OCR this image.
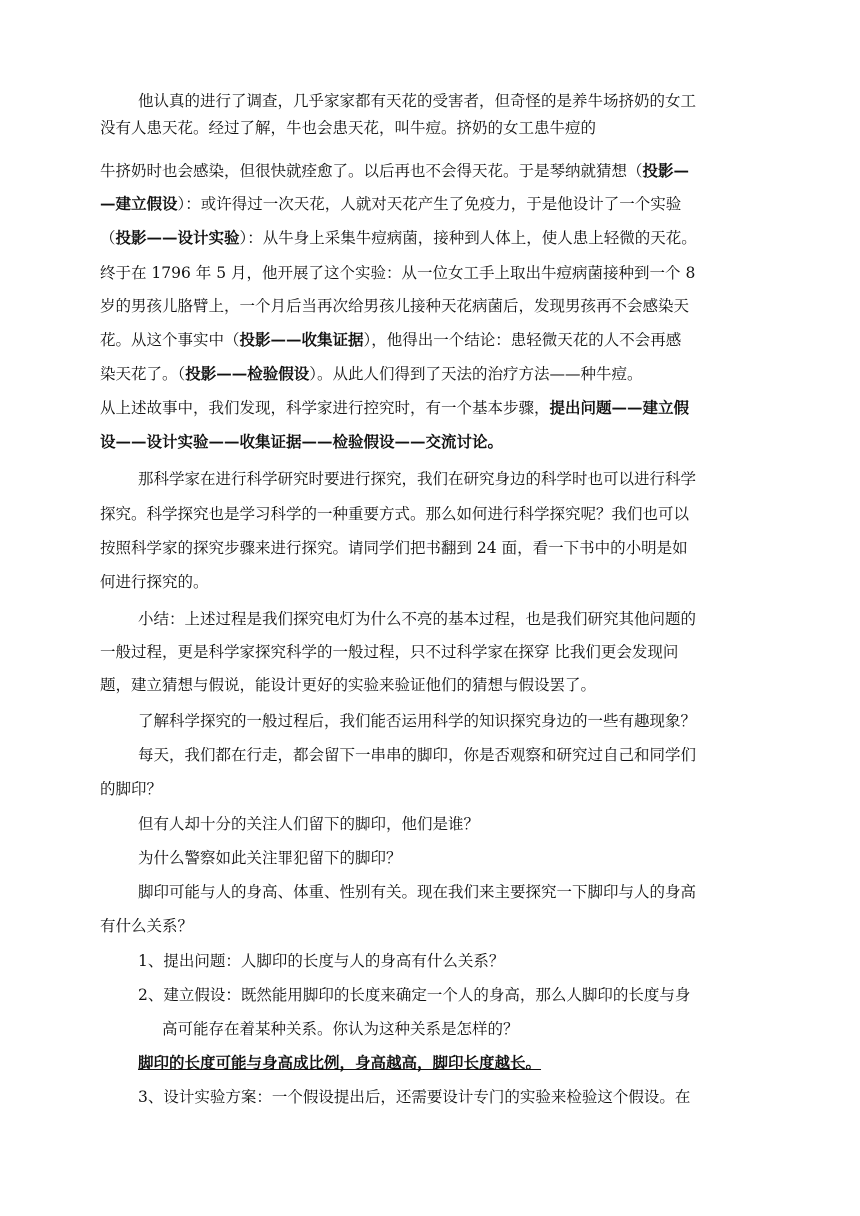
他认真的进行了调查，几乎家家都有天花的受害者，但奇怪的是养牛场挤奶的女工
没有人患天花。经过了解，牛也会患天花，叫牛痘。挤奶的女工患牛痘的
牛挤奶时也会感染，但很快就痊愈了。以后再也不会得天花。于是琴纳就猜想（投影—
—建立假设）：或许得过一次天花，人就对天花产生了免疫力，于是他设计了一个实验
（投影——设计实验）：从牛身上采集牛痘病菌，接种到人体上，使人患上轻微的天花。
终于在 1796 年 5 月，他开展了这个实验：从一位女工手上取出牛痘病菌接种到一个 8
岁的男孩儿胳臂上，一个月后当再次给男孩儿接种天花病菌后，发现男孩再不会感染天
花。从这个事实中（投影——收集证据），他得出一个结论：患轻微天花的人不会再感
染天花了。（投影——检验假设）。从此人们得到了天法的治疗方法——种牛痘。
从上述故事中，我们发现，科学家进行控究时，有一个基本步骤，提出问题——建立假
设——设计实验——收集证据——检验假设——交流讨论。
那科学家在进行科学研究时要进行探究，我们在研究身边的科学时也可以进行科学
探究。科学探究也是学习科学的一种重要方式。那么如何进行科学探究呢？我们也可以
按照科学家的探究步骤来进行探究。请同学们把书翻到 24 面，看一下书中的小明是如
何进行探究的。
小结：上述过程是我们探究电灯为什么不亮的基本过程，也是我们研究其他问题的
一般过程，更是科学家探究科学的一般过程，只不过科学家在探穿 比我们更会发现问
题，建立猜想与假说，能设计更好的实验来验证他们的猜想与假设罢了。
了解科学探究的一般过程后，我们能否运用科学的知识探究身边的一些有趣现象？
每天，我们都在行走，都会留下一串串的脚印，你是否观察和研究过自己和同学们
的脚印？
但有人却十分的关注人们留下的脚印，他们是谁？
为什么警察如此关注罪犯留下的脚印？
脚印可能与人的身高、体重、性别有关。现在我们来主要探究一下脚印与人的身高
有什么关系？
1、提出问题：人脚印的长度与人的身高有什么关系？
2、建立假设：既然能用脚印的长度来确定一个人的身高，那么人脚印的长度与身
高可能存在着某种关系。你认为这种关系是怎样的？
脚印的长度可能与身高成比例，身高越高，脚印长度越长。
3、设计实验方案：一个假设提出后，还需要设计专门的实验来检验这个假设。在
